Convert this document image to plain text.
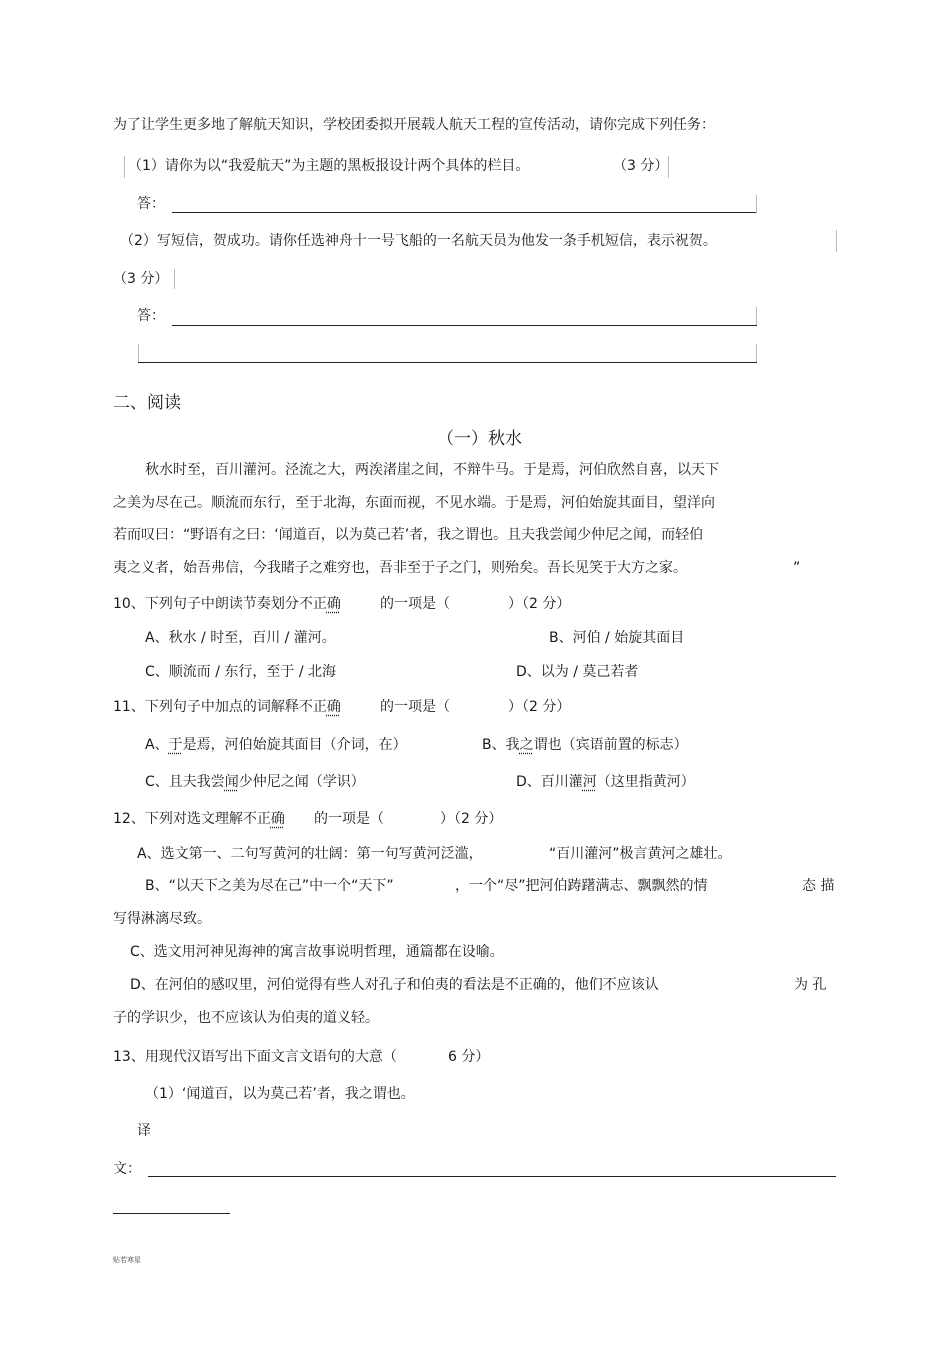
为了让学生更多地了解航天知识，学校团委拟开展载人航天工程的宣传活动，请你完成下列任务：
（1）请你为以“我爱航天”为主题的黑板报设计两个具体的栏目。	（3 分）
答：
（2）写短信，贺成功。请你任选神舟十一号飞船的一名航天员为他发一条手机短信，表示祝贺。
（3 分）
答：
二、阅读
（一）秋水
秋水时至，百川灌河。泾流之大，两涘渚崖之间，不辩牛马。于是焉，河伯欣然自喜，以天下
之美为尽在己。顺流而东行，至于北海，东面而视，不见水端。于是焉，河伯始旋其面目，望洋向
若而叹曰：“野语有之曰：‘闻道百，以为莫己若’者，我之谓也。且夫我尝闻少仲尼之闻，而轻伯
夷之义者，始吾弗信，今我睹子之难穷也，吾非至于子之门，则殆矣。吾长见笑于大方之家。	”
10、下列句子中朗读节奏划分不正确	的一项是（	）（2 分）
A、秋水 / 时至，百川 / 灌河。	B、河伯 / 始旋其面目
C、顺流而 / 东行，至于 / 北海	D、以为 / 莫己若者
11、下列句子中加点的词解释不正确	的一项是（	）（2 分）
A、于是焉，河伯始旋其面目（介词，在）	B、我之谓也（宾语前置的标志）
C、且夫我尝闻少仲尼之闻（学识）	D、百川灌河（这里指黄河）
12、下列对选文理解不正确 的一项是（	）（2 分）
A、选文第一、二句写黄河的壮阔：第一句写黄河泛滥，	“百川灌河”极言黄河之雄壮。
B、“以天下之美为尽在己”中一个“天下”	，一个“尽”把河伯踌躇满志、飘飘然的情	态 描
写得淋漓尽致。
C、选文用河神见海神的寓言故事说明哲理，通篇都在设喻。
D、在河伯的感叹里，河伯觉得有些人对孔子和伯夷的看法是不正确的，他们不应该认	为 孔
子的学识少，也不应该认为伯夷的道义轻。
13、用现代汉语写出下面文言文语句的大意（	6 分）
（1）‘闻道百，以为莫己若’者，我之谓也。
译
文：
贴若寒星
